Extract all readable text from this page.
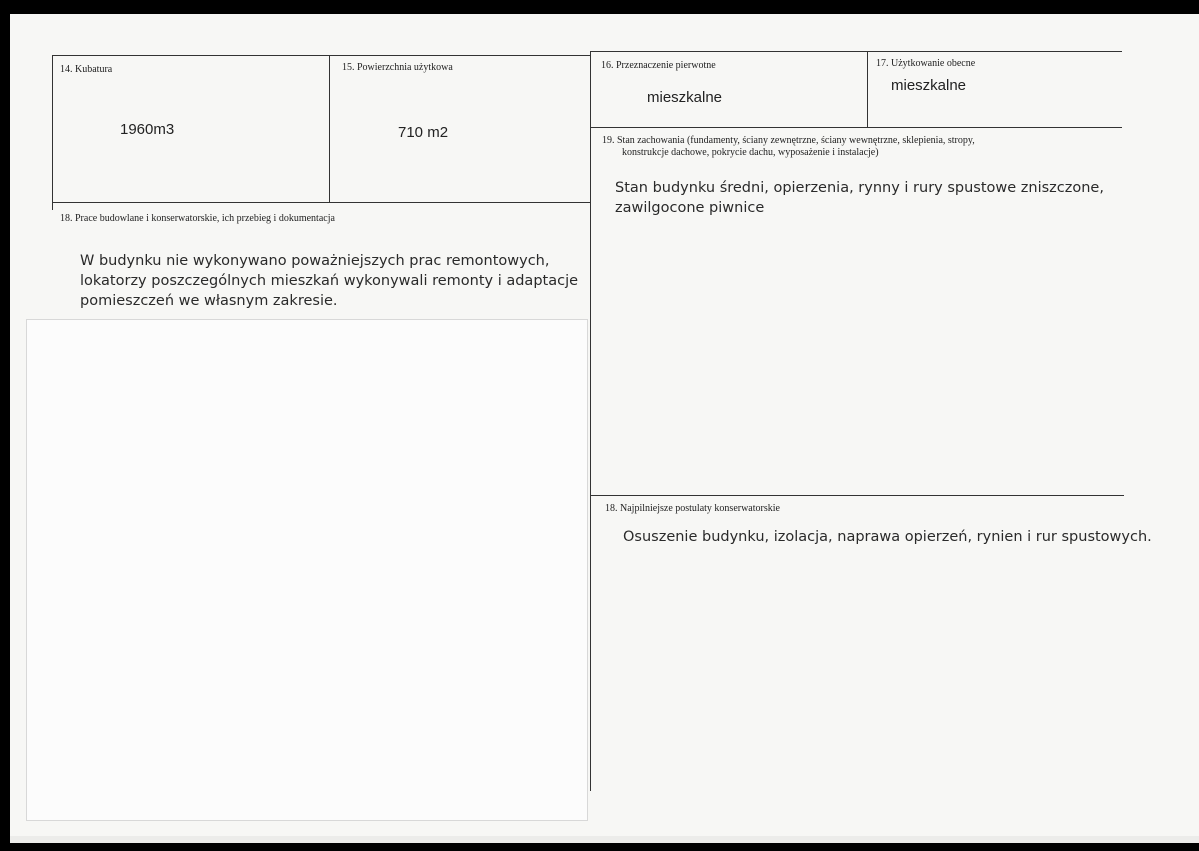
14. Kubatura
1960m3
15. Powierzchnia użytkowa
710 m2
16. Przeznaczenie pierwotne
mieszkalne
17. Użytkowanie obecne
mieszkalne
18. Prace budowlane i konserwatorskie, ich przebieg i dokumentacja
W budynku nie wykonywano poważniejszych prac remontowych,
lokatorzy poszczególnych mieszkań wykonywali remonty i adaptacje
pomieszczeń we własnym zakresie.
19. Stan zachowania (fundamenty, ściany zewnętrzne, ściany wewnętrzne, sklepienia, stropy,
konstrukcje dachowe, pokrycie dachu, wyposażenie i instalacje)
Stan budynku średni, opierzenia, rynny i rury spustowe zniszczone,
zawilgocone piwnice
18. Najpilniejsze postulaty konserwatorskie
Osuszenie budynku, izolacja, naprawa opierzeń, rynien i rur spustowych.
